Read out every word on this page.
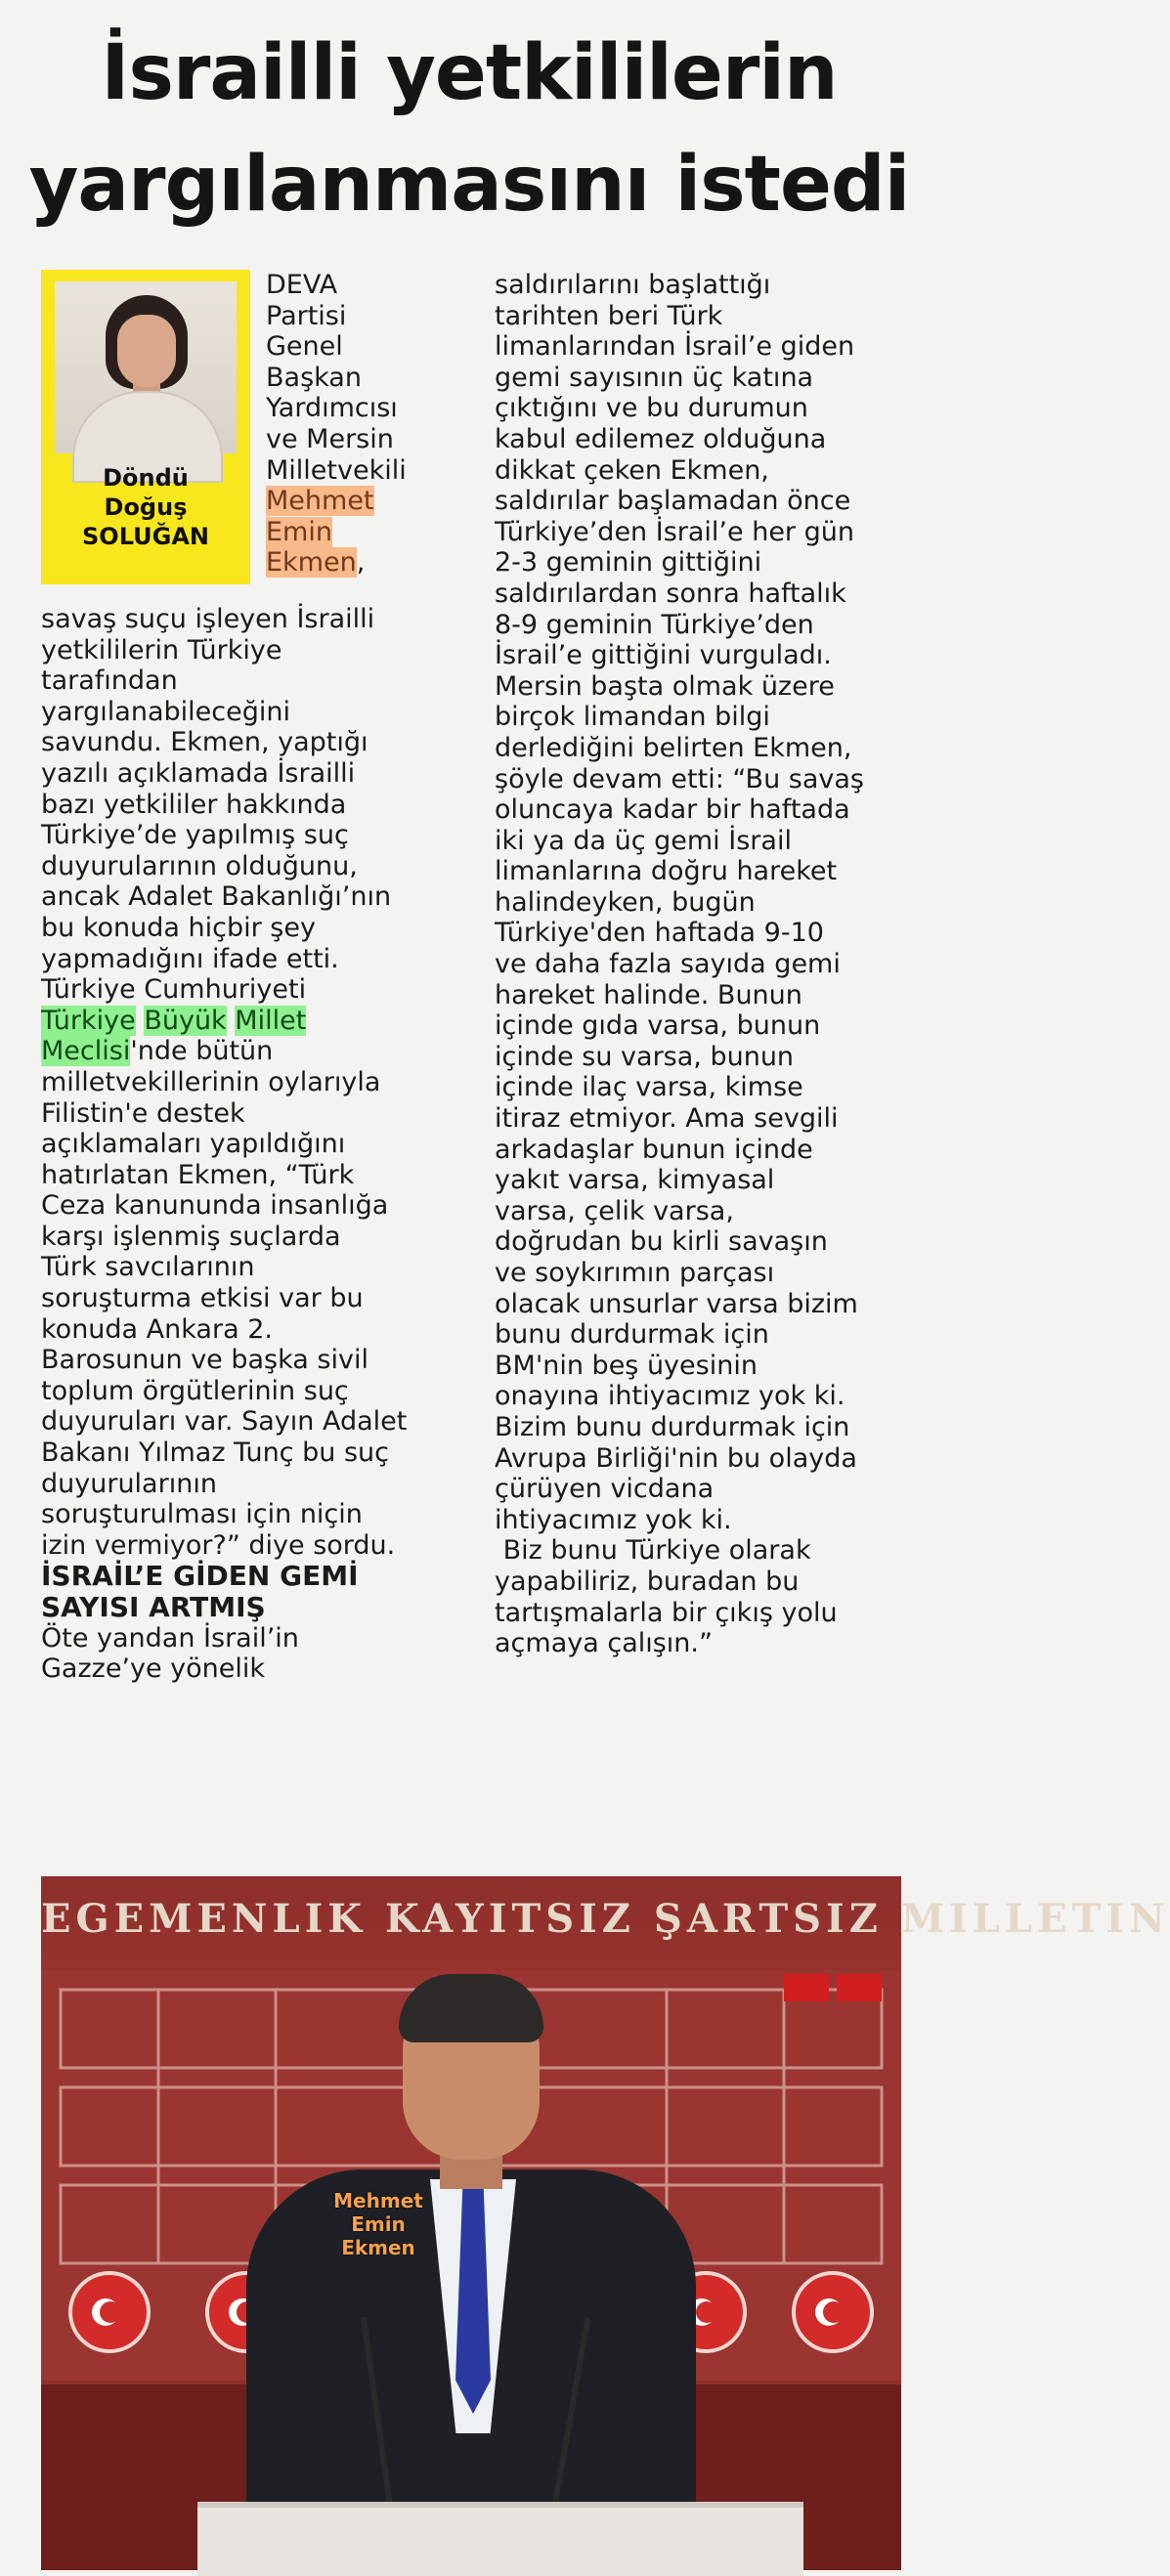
İsrailli yetkililerin
yargılanmasını istedi
Döndü
Doğuş
SOLUĞAN
DEVA
Partisi
Genel
Başkan
Yardımcısı
ve Mersin
Milletvekili
Mehmet
Emin
Ekmen,
savaş suçu işleyen İsrailli
yetkililerin Türkiye
tarafından
yargılanabileceğini
savundu. Ekmen, yaptığı
yazılı açıklamada İsrailli
bazı yetkililer hakkında
Türkiye’de yapılmış suç
duyurularının olduğunu,
ancak Adalet Bakanlığı’nın
bu konuda hiçbir şey
yapmadığını ifade etti.
Türkiye Cumhuriyeti
Türkiye Büyük Millet
Meclisi'nde bütün
milletvekillerinin oylarıyla
Filistin'e destek
açıklamaları yapıldığını
hatırlatan Ekmen, “Türk
Ceza kanununda insanlığa
karşı işlenmiş suçlarda
Türk savcılarının
soruşturma etkisi var bu
konuda Ankara 2.
Barosunun ve başka sivil
toplum örgütlerinin suç
duyuruları var. Sayın Adalet
Bakanı Yılmaz Tunç bu suç
duyurularının
soruşturulması için niçin
izin vermiyor?” diye sordu.
İSRAİL’E GİDEN GEMİ
SAYISI ARTMIŞ
Öte yandan İsrail’in
Gazze’ye yönelik
saldırılarını başlattığı
tarihten beri Türk
limanlarından İsrail’e giden
gemi sayısının üç katına
çıktığını ve bu durumun
kabul edilemez olduğuna
dikkat çeken Ekmen,
saldırılar başlamadan önce
Türkiye’den İsrail’e her gün
2-3 geminin gittiğini
saldırılardan sonra haftalık
8-9 geminin Türkiye’den
İsrail’e gittiğini vurguladı.
Mersin başta olmak üzere
birçok limandan bilgi
derlediğini belirten Ekmen,
şöyle devam etti: “Bu savaş
oluncaya kadar bir haftada
iki ya da üç gemi İsrail
limanlarına doğru hareket
halindeyken, bugün
Türkiye'den haftada 9-10
ve daha fazla sayıda gemi
hareket halinde. Bunun
içinde gıda varsa, bunun
içinde su varsa, bunun
içinde ilaç varsa, kimse
itiraz etmiyor. Ama sevgili
arkadaşlar bunun içinde
yakıt varsa, kimyasal
varsa, çelik varsa,
doğrudan bu kirli savaşın
ve soykırımın parçası
olacak unsurlar varsa bizim
bunu durdurmak için
BM'nin beş üyesinin
onayına ihtiyacımız yok ki.
Bizim bunu durdurmak için
Avrupa Birliği'nin bu olayda
çürüyen vicdana
ihtiyacımız yok ki.
Biz bunu Türkiye olarak
yapabiliriz, buradan bu
tartışmalarla bir çıkış yolu
açmaya çalışın.”
EGEMENLIK KAYITSIZ ŞARTSIZ MILLETIN
Mehmet
Emin
Ekmen
